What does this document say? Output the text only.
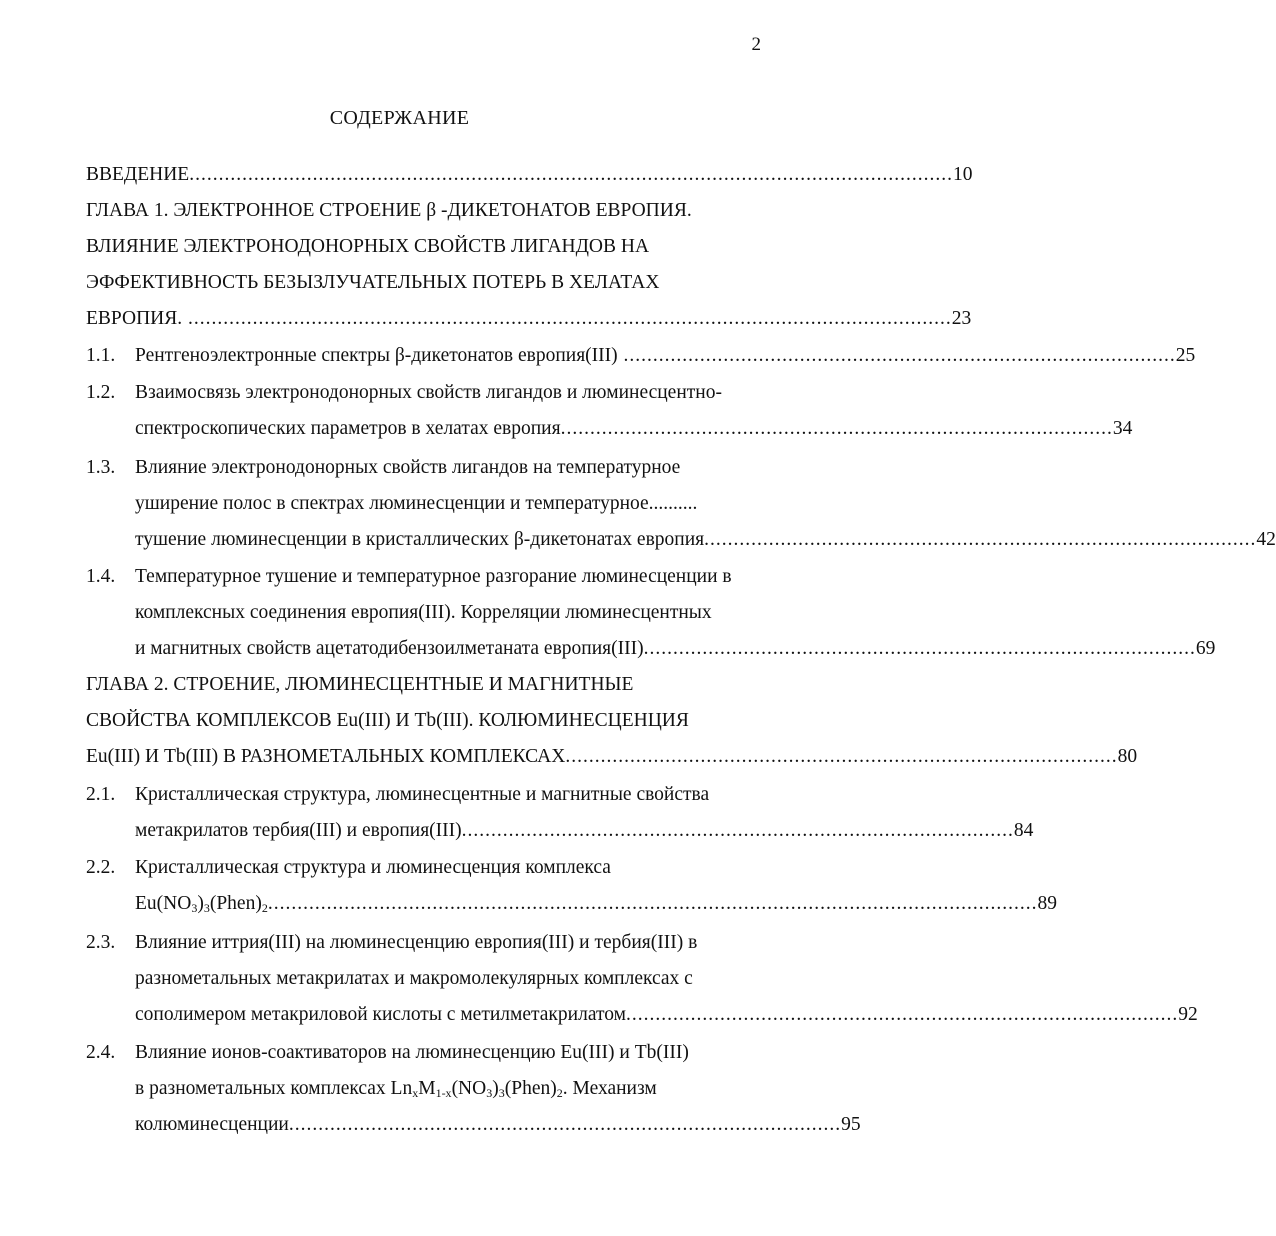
2
СОДЕРЖАНИЕ
ВВЕДЕНИЕ .................................................................................................................................. 10
ГЛАВА 1. ЭЛЕКТРОННОЕ СТРОЕНИЕ β -ДИКЕТОНАТОВ ЕВРОПИЯ.
ВЛИЯНИЕ ЭЛЕКТРОНОДОНОРНЫХ СВОЙСТВ ЛИГАНДОВ НА
ЭФФЕКТИВНОСТЬ БЕЗЫЗЛУЧАТЕЛЬНЫХ ПОТЕРЬ В ХЕЛАТАХ
ЕВРОПИЯ. .................................................................................................................................. 23
1.1. Рентгеноэлектронные спектры β-дикетонатов европия(III) .............................................................................................. 25
1.2. Взаимосвязь электронодонорных свойств лигандов и люминесцентно-
спектроскопических параметров в хелатах европия .............................................................................................. 34
1.3. Влияние электронодонорных свойств лигандов на температурное
уширение полос в спектрах люминесценции и температурное..........
тушение люминесценции в кристаллических β-дикетонатах европия .............................................................................................. 42
1.4. Температурное тушение и температурное разгорание люминесценции в
комплексных соединения европия(III). Корреляции люминесцентных
и магнитных свойств ацетатодибензоилметаната европия(III) .............................................................................................. 69
ГЛАВА 2. СТРОЕНИЕ, ЛЮМИНЕСЦЕНТНЫЕ И МАГНИТНЫЕ
СВОЙСТВА КОМПЛЕКСОВ Eu(III) И Tb(III). КОЛЮМИНЕСЦЕНЦИЯ
Eu(III) И Tb(III) В РАЗНОМЕТАЛЬНЫХ КОМПЛЕКСАХ .............................................................................................. 80
2.1. Кристаллическая структура, люминесцентные и магнитные свойства
метакрилатов тербия(III) и европия(III) .............................................................................................. 84
2.2. Кристаллическая структура и люминесценция комплекса
$Eu(NO_3)_3(Phen)_2$ ................................................................................................................................... 89
2.3. Влияние иттрия(III) на люминесценцию европия(III) и тербия(III) в
разнометальных метакрилатах и макромолекулярных комплексах с
сополимером метакриловой кислоты с метилметакрилатом .............................................................................................. 92
2.4. Влияние ионов-соактиваторов на люминесценцию Eu(III) и Tb(III)
в разнометальных комплексах $Ln_xM_{1-x}(NO_3)_3(Phen)_2$. Механизм
колюминесценции .............................................................................................. 95
